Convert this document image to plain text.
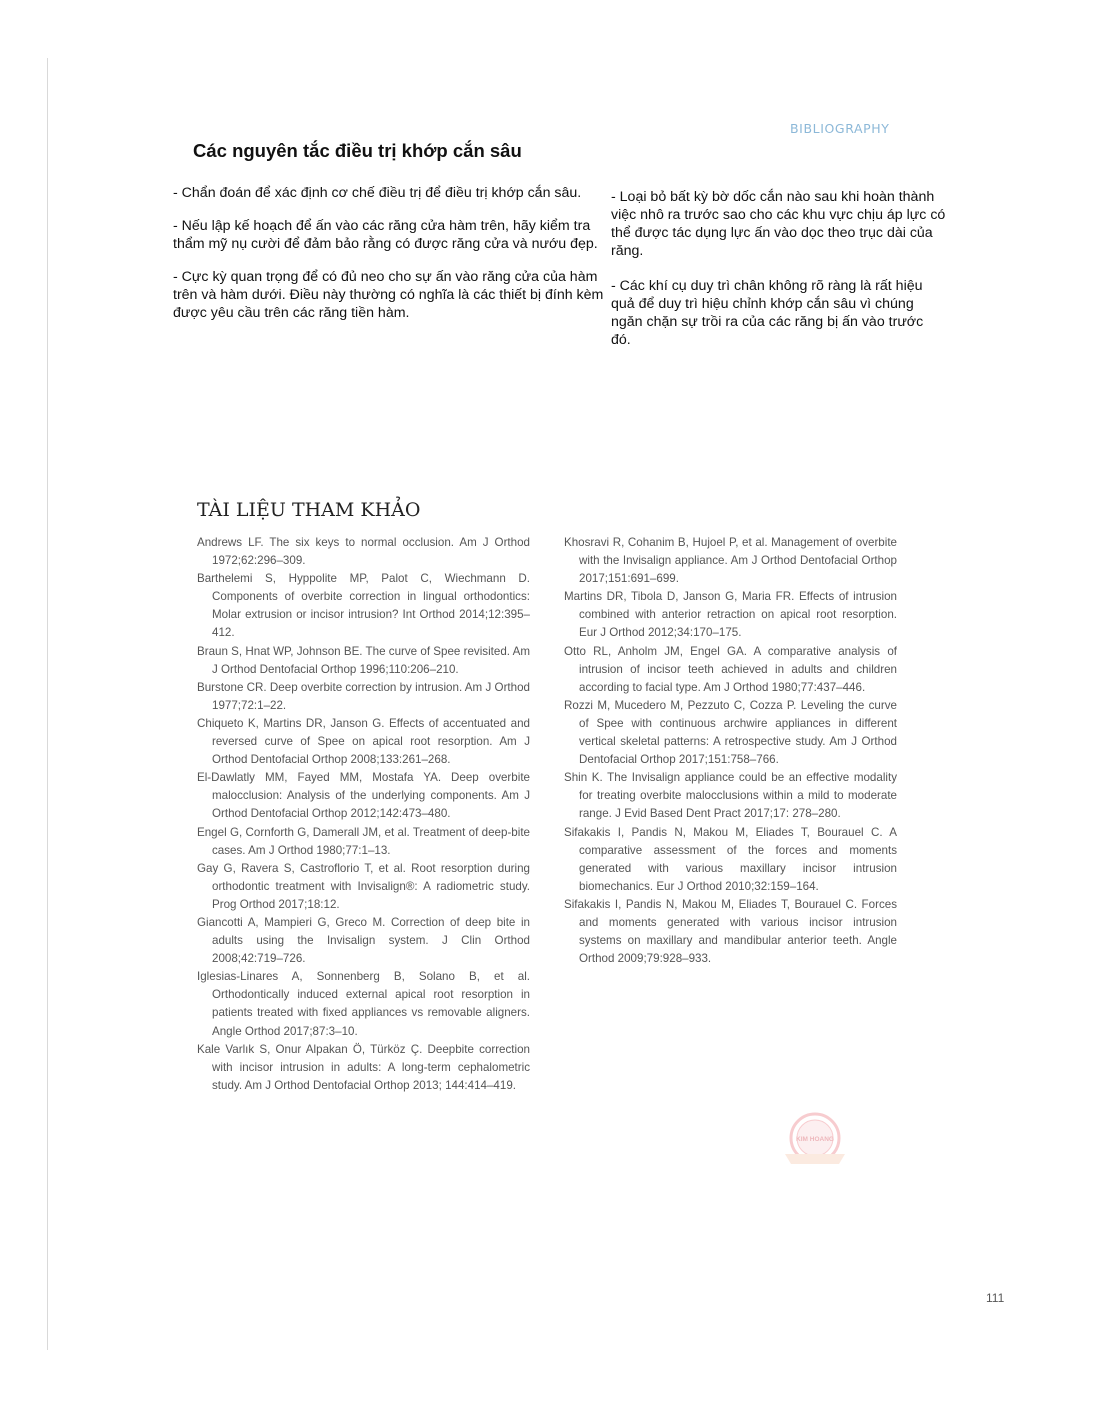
BIBLIOGRAPHY
Các nguyên tắc điều trị khớp cắn sâu

- Chẩn đoán để xác định cơ chế điều trị để điều trị khớp cắn sâu.

- Nếu lập kế hoạch để ấn vào các răng cửa hàm trên, hãy kiểm tra thẩm mỹ nụ cười để đảm bảo rằng có được răng cửa và nướu đẹp.

- Cực kỳ quan trọng để có đủ neo cho sự ấn vào răng cửa của hàm trên và hàm dưới. Điều này thường có nghĩa là các thiết bị đính kèm được yêu cầu trên các răng tiền hàm.

- Loại bỏ bất kỳ bờ dốc cắn nào sau khi hoàn thành việc nhô ra trước sao cho các khu vực chịu áp lực có thể được tác dụng lực ấn vào dọc theo trục dài của răng.

- Các khí cụ duy trì chân không rõ ràng là rất hiệu quả để duy trì hiệu chỉnh khớp cắn sâu vì chúng ngăn chặn sự trồi ra của các răng bị ấn vào trước đó.

TÀI LIỆU THAM KHẢO
Andrews LF. The six keys to normal occlusion. Am J Orthod 1972;62:296–309.
Barthelemi S, Hyppolite MP, Palot C, Wiechmann D. Components of overbite correction in lingual orthodontics: Molar extrusion or incisor intrusion? Int Orthod 2014;12:395–412.
Braun S, Hnat WP, Johnson BE. The curve of Spee revisited. Am J Orthod Dentofacial Orthop 1996;110:206–210.
Burstone CR. Deep overbite correction by intrusion. Am J Orthod 1977;72:1–22.
Chiqueto K, Martins DR, Janson G. Effects of accentuated and reversed curve of Spee on apical root resorption. Am J Orthod Dentofacial Orthop 2008;133:261–268.
El-Dawlatly MM, Fayed MM, Mostafa YA. Deep overbite malocclusion: Analysis of the underlying components. Am J Orthod Dentofacial Orthop 2012;142:473–480.
Engel G, Cornforth G, Damerall JM, et al. Treatment of deep-bite cases. Am J Orthod 1980;77:1–13.
Gay G, Ravera S, Castroflorio T, et al. Root resorption during orthodontic treatment with Invisalign®: A radiometric study. Prog Orthod 2017;18:12.
Giancotti A, Mampieri G, Greco M. Correction of deep bite in adults using the Invisalign system. J Clin Orthod 2008;42:719–726.
Iglesias-Linares A, Sonnenberg B, Solano B, et al. Orthodontically induced external apical root resorption in patients treated with fixed appliances vs removable aligners. Angle Orthod 2017;87:3–10.
Kale Varlık S, Onur Alpakan Ö, Türköz Ç. Deepbite correction with incisor intrusion in adults: A long-term cephalometric study. Am J Orthod Dentofacial Orthop 2013; 144:414–419.
Khosravi R, Cohanim B, Hujoel P, et al. Management of overbite with the Invisalign appliance. Am J Orthod Dentofacial Orthop 2017;151:691–699.
Martins DR, Tibola D, Janson G, Maria FR. Effects of intrusion combined with anterior retraction on apical root resorption. Eur J Orthod 2012;34:170–175.
Otto RL, Anholm JM, Engel GA. A comparative analysis of intrusion of incisor teeth achieved in adults and children according to facial type. Am J Orthod 1980;77:437–446.
Rozzi M, Mucedero M, Pezzuto C, Cozza P. Leveling the curve of Spee with continuous archwire appliances in different vertical skeletal patterns: A retrospective study. Am J Orthod Dentofacial Orthop 2017;151:758–766.
Shin K. The Invisalign appliance could be an effective modality for treating overbite malocclusions within a mild to moderate range. J Evid Based Dent Pract 2017;17: 278–280.
Sifakakis I, Pandis N, Makou M, Eliades T, Bourauel C. A comparative assessment of the forces and moments generated with various maxillary incisor intrusion biomechanics. Eur J Orthod 2010;32:159–164.
Sifakakis I, Pandis N, Makou M, Eliades T, Bourauel C. Forces and moments generated with various incisor intrusion systems on maxillary and mandibular anterior teeth. Angle Orthod 2009;79:928–933.
KIM HOANG
111
